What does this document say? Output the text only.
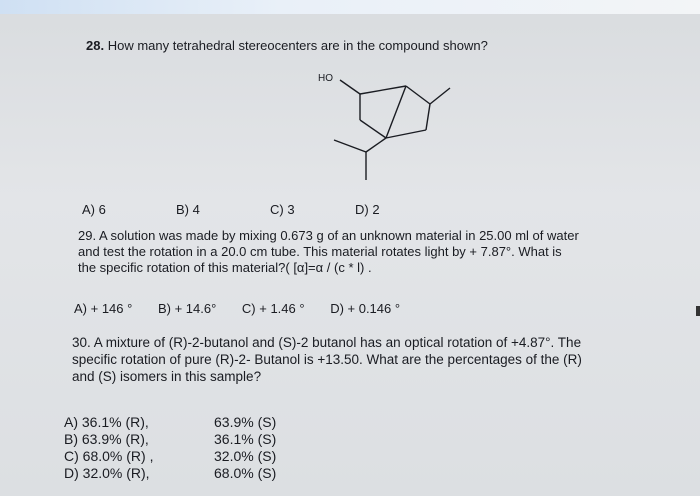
28. How many tetrahedral stereocenters are in the compound shown?
HO
A) 6	B) 4	C) 3	D) 2
29. A solution was made by mixing 0.673 g of an unknown material in 25.00 ml of water
and test the rotation in a 20.0 cm tube. This material rotates light by + 7.87°. What is
the specific rotation of this material?( [α]=α / (c * l) .
A) + 146 ° B) + 14.6° C) + 1.46 ° D) + 0.146 °
30. A mixture of (R)-2-butanol and (S)-2 butanol has an optical rotation of +4.87°. The
specific rotation of pure (R)-2- Butanol is +13.50. What are the percentages of the (R)
and (S) isomers in this sample?
A) 36.1% (R),	63.9% (S)
B) 63.9% (R),	36.1% (S)
C) 68.0% (R) ,	32.0% (S)
D) 32.0% (R),	68.0% (S)
